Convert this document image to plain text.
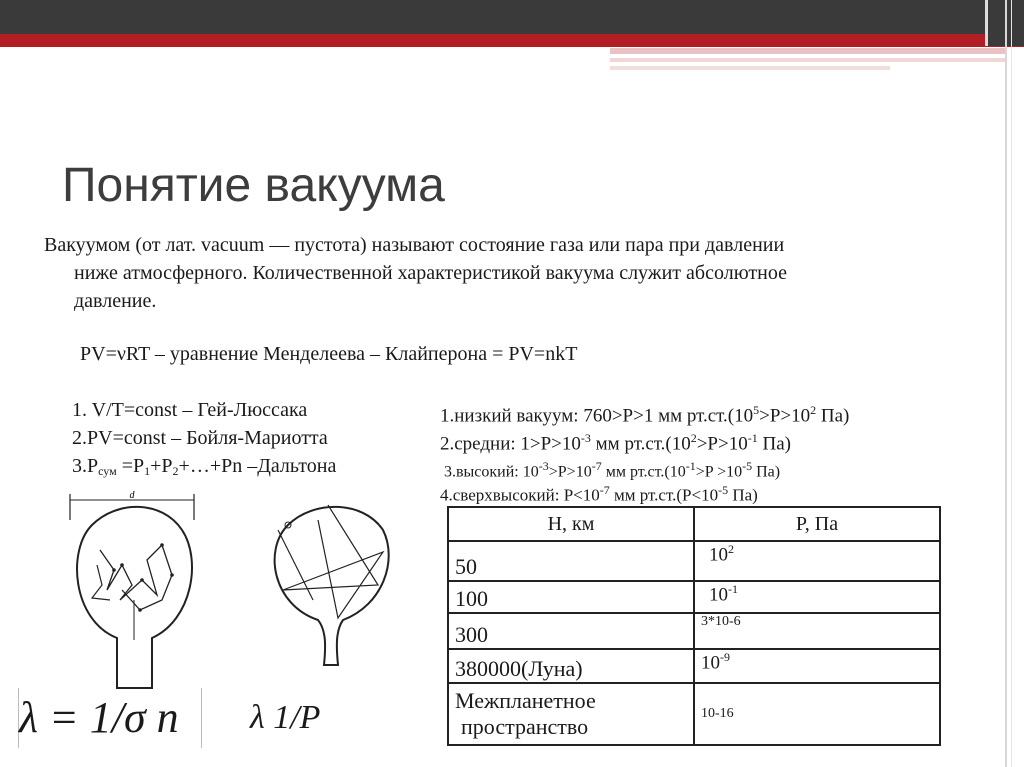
Понятие вакуума
Вакуумом (от лат. vacuum — пустота) называют состояние газа или пара при давлении
ниже атмосферного. Количественной характеристикой вакуума служит абсолютное
давление.
PV=νRT – уравнение Менделеева – Клайперона = PV=nkT
1. V/T=const – Гей-Люссака
2.PV=const – Бойля-Мариотта
$3.P_{сум}$ $=P_1+P_2+\dots+Pn$ –Дальтона
1.низкий вакуум: 760>P>1 мм $рт.ст.(10^5>P>10^2$ Па)
2.средни: $1>P>10^{-3}$ мм $рт.ст.(10^2>P>10^{-1}$ Па)
3.высокий: $10^{-3}>P>10^{-7}$ мм $рт.ст.(10^{-1}>P >10^{-5}$ Па)
4.сверхвысокий: $P<10^{-7}$ мм $рт.ст.(P<10^{-5}$ Па)
H, км	P, Па
50	$10^2$
100	$10^{-1}$
300	3*10-6
380000(Луна)	$10^{-9}$

Межпланетное
пространство	10-16
d
λ = 1/σ n	λ 1/P
